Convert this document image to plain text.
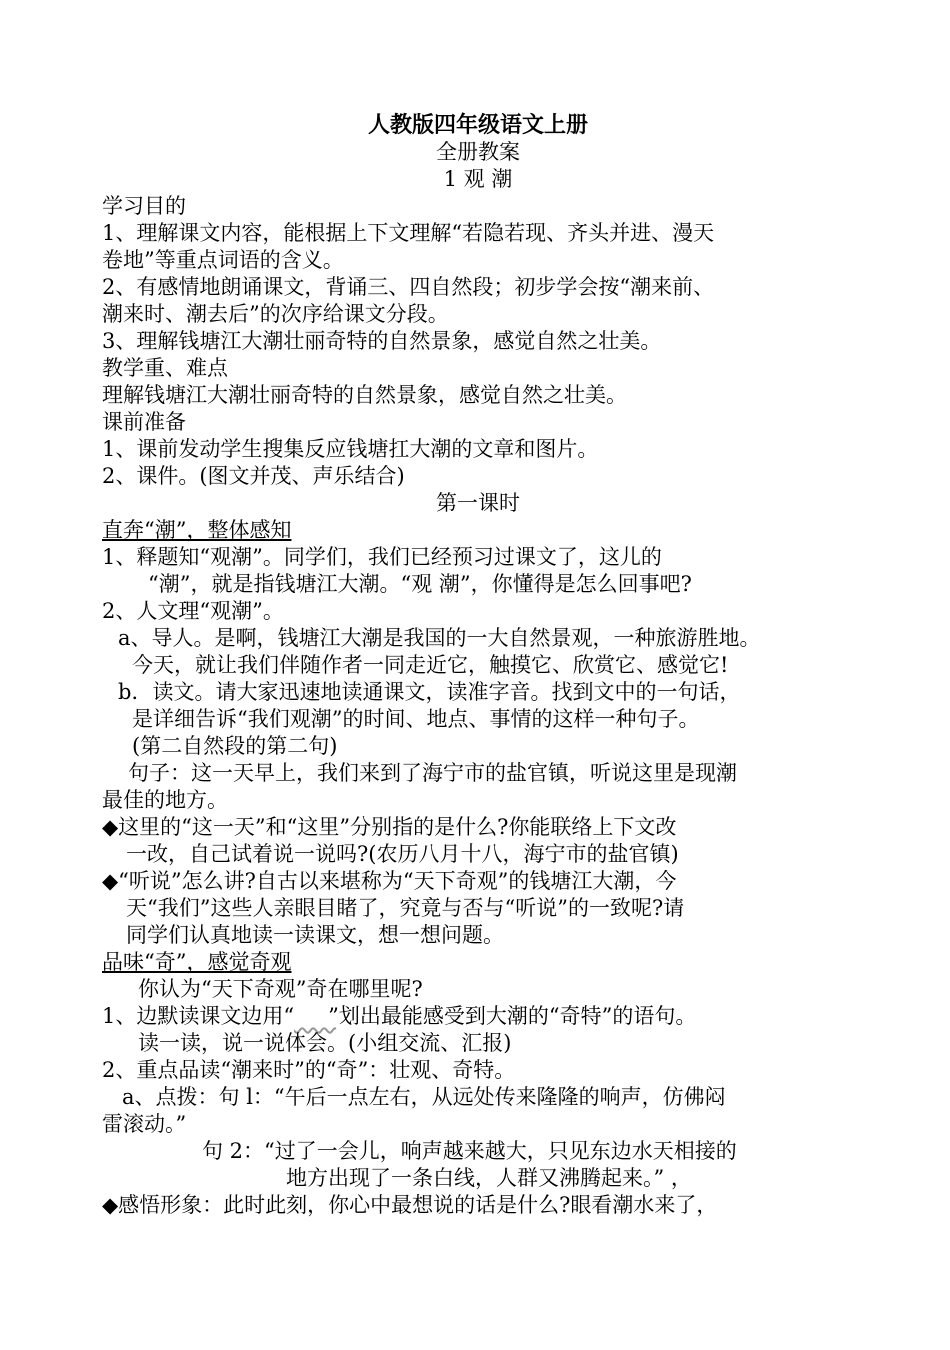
人教版四年级语文上册
全册教案
1 观 潮
学习目的
1、理解课文内容，能根据上下文理解“若隐若现、齐头并进、漫天
卷地”等重点词语的含义。
2、有感情地朗诵课文，背诵三、四自然段；初步学会按“潮来前、
潮来时、潮去后”的次序给课文分段。
3、理解钱塘江大潮壮丽奇特的自然景象，感觉自然之壮美。
教学重、难点
理解钱塘江大潮壮丽奇特的自然景象，感觉自然之壮美。
课前准备
1、课前发动学生搜集反应钱塘扛大潮的文章和图片。
2、课件。(图文并茂、声乐结合)
第一课时
直奔“潮”，整体感知
1、释题知“观潮”。同学们，我们已经预习过课文了，这儿的
“潮”，就是指钱塘江大潮。“观 潮”，你懂得是怎么回事吧?
2、人文理“观潮”。
a、导人。是啊，钱塘江大潮是我国的一大自然景观，一种旅游胜地。
今天，就让我们伴随作者一同走近它，触摸它、欣赏它、感觉它!
b．读文。请大家迅速地读通课文，读准字音。找到文中的一句话，
是详细告诉“我们观潮”的时间、地点、事情的这样一种句子。
(第二自然段的第二句)
句子：这一天早上，我们来到了海宁市的盐官镇，听说这里是现潮
最佳的地方。
◆这里的“这一天”和“这里”分别指的是什么?你能联络上下文改
一改，自己试着说一说吗?(农历八月十八，海宁市的盐官镇)
◆“听说”怎么讲?自古以来堪称为“天下奇观”的钱塘江大潮，今
天“我们”这些人亲眼目睹了，究竟与否与“听说”的一致呢?请
同学们认真地读一读课文，想一想问题。
品味“奇”，感觉奇观
你认为“天下奇观”奇在哪里呢?
1、边默读课文边用“   ”划出最能感受到大潮的“奇特”的语句。
读一读，说一说体会。(小组交流、汇报)
2、重点品读“潮来时”的“奇”：壮观、奇特。
a、点拨：句 l：“午后一点左右，从远处传来隆隆的响声，仿佛闷
雷滚动。”
句 2：“过了一会儿，响声越来越大，只见东边水天相接的
地方出现了一条白线，人群又沸腾起来。” ，
◆感悟形象：此时此刻，你心中最想说的话是什么?眼看潮水来了，
